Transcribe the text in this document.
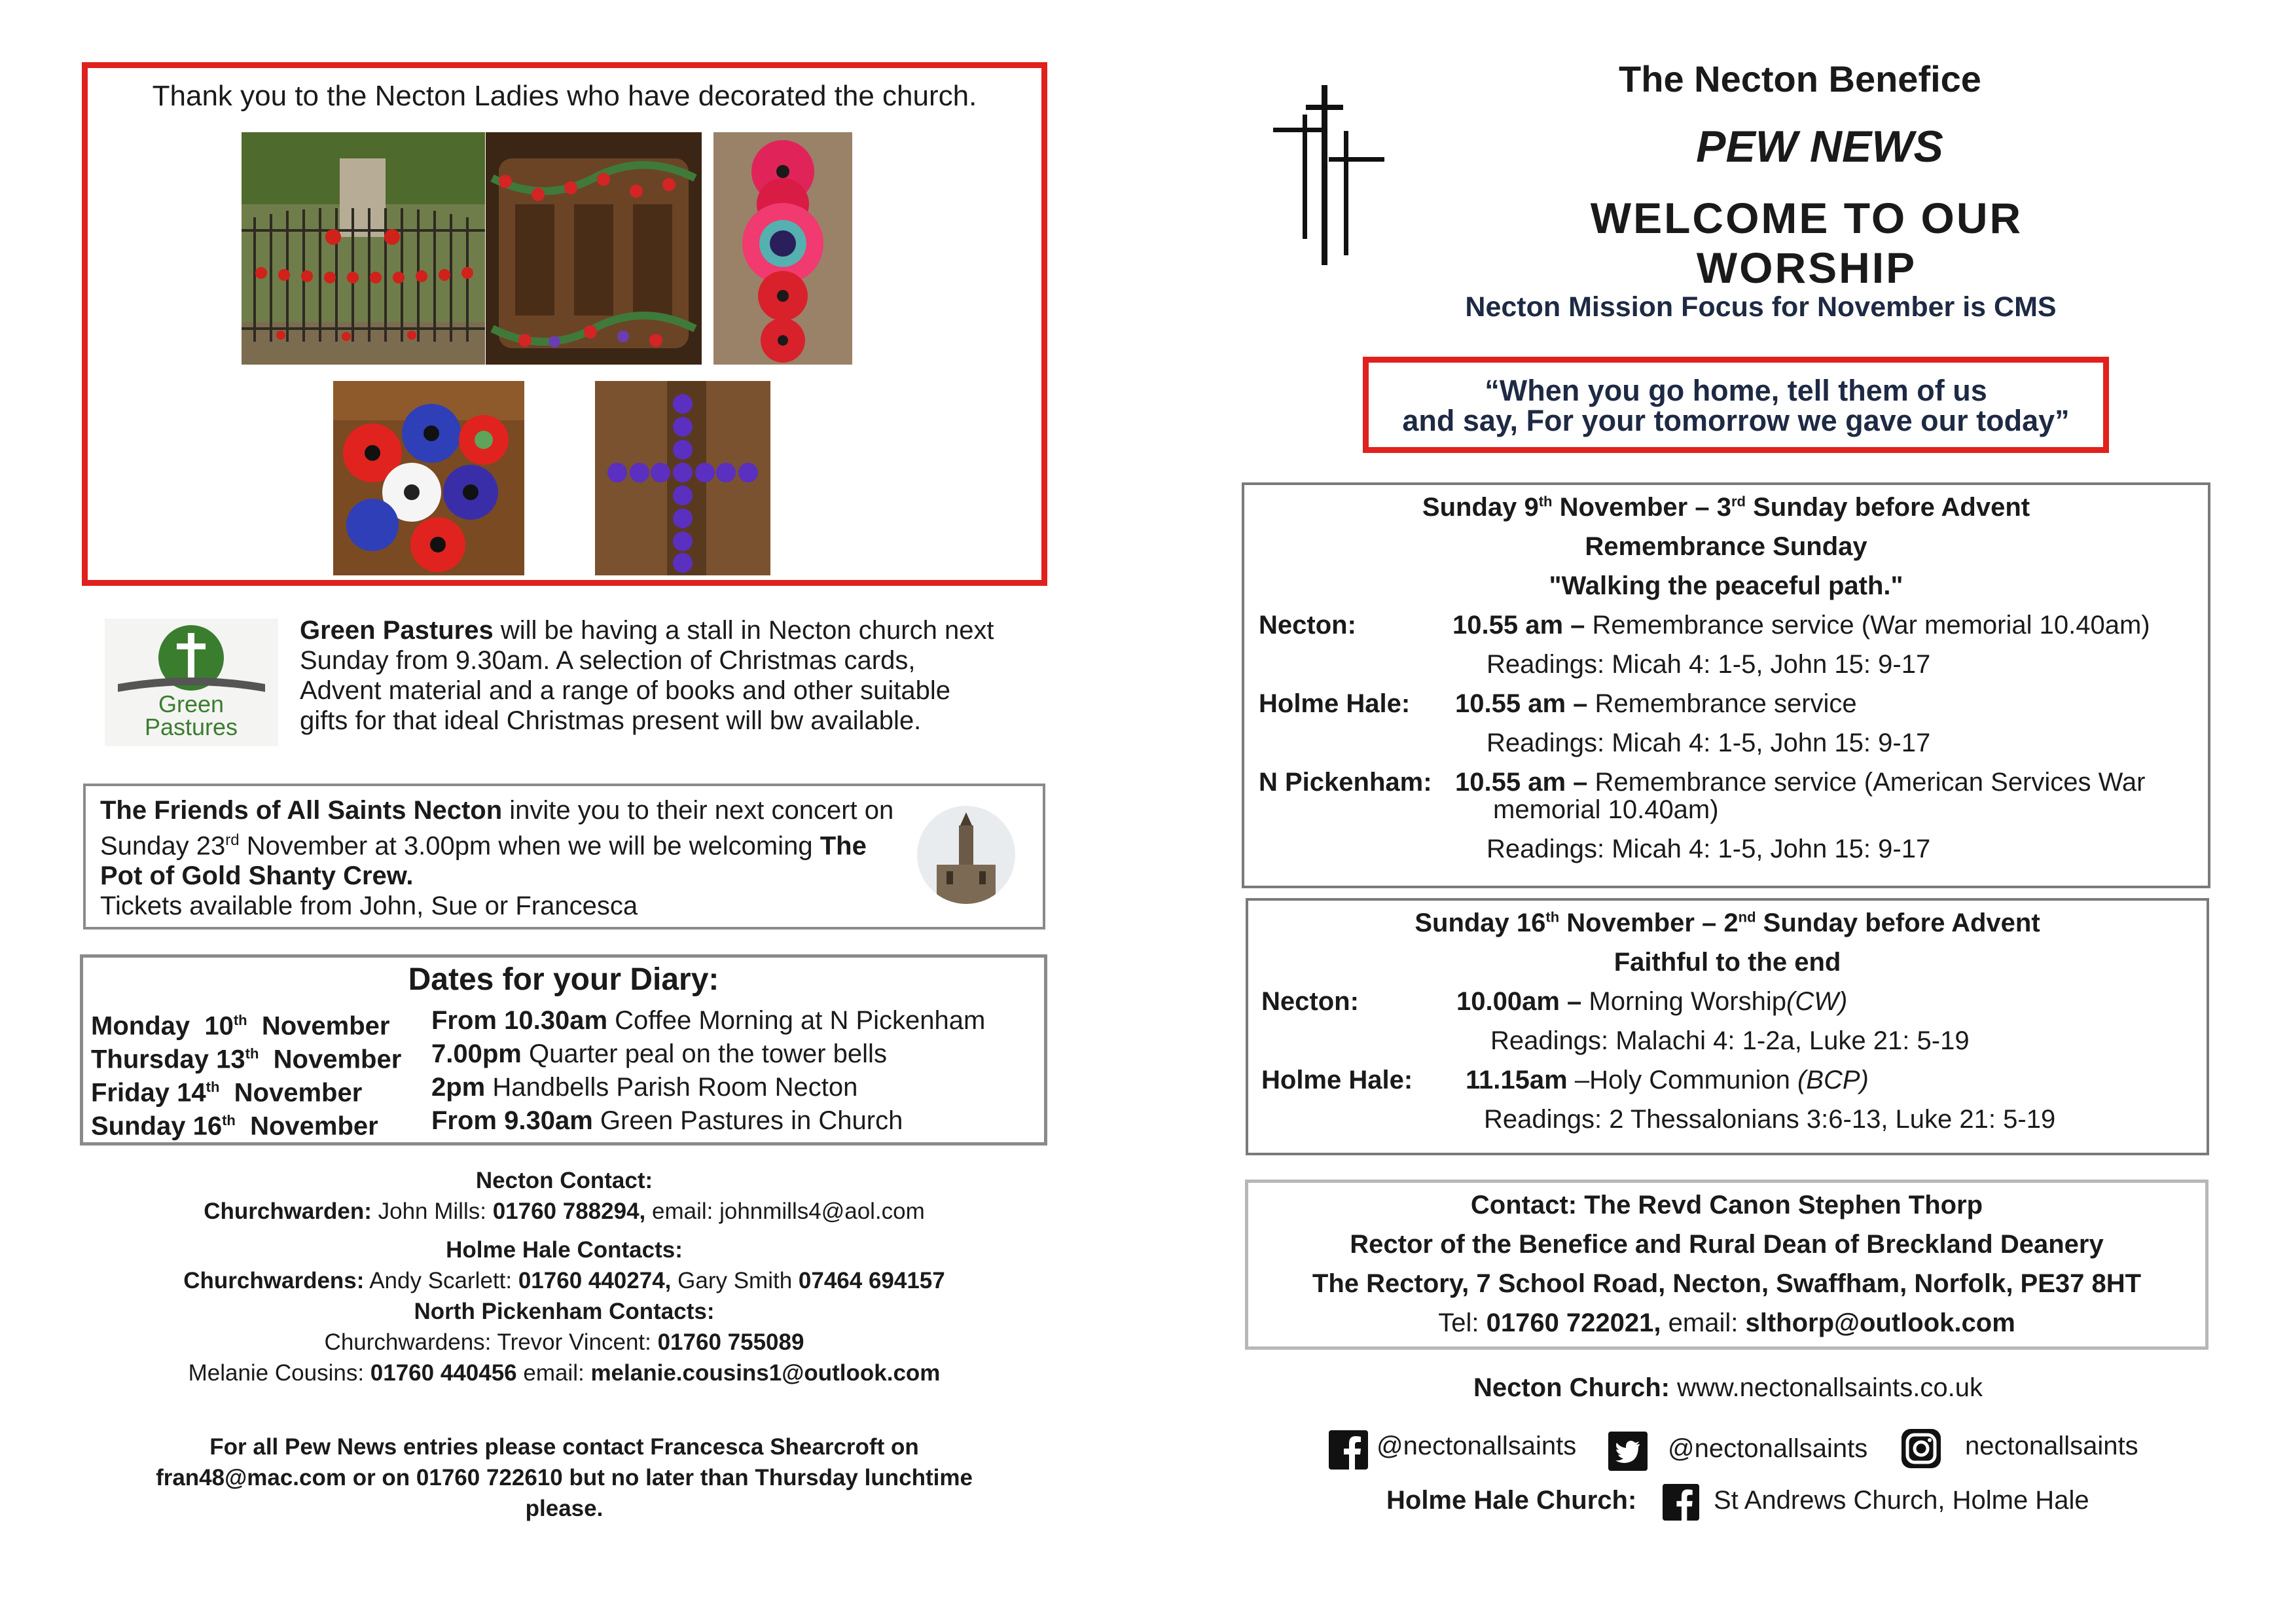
Thank you to the Necton Ladies who have decorated the church.
Green
Pastures
Green Pastures will be having a stall in Necton church next
Sunday from 9.30am. A selection of Christmas cards,
Advent material and a range of books and other suitable
gifts for that ideal Christmas present will bw available.
The Friends of All Saints Necton invite you to their next concert on
Sunday 23rd November at 3.00pm when we will be welcoming The
Pot of Gold Shanty Crew.
Tickets available from John, Sue or Francesca
Dates for your Diary:
Monday 10th November From 10.30am Coffee Morning at N Pickenham
Thursday 13th November 7.00pm Quarter peal on the tower bells
Friday 14th November	2pm Handbells Parish Room Necton
Sunday 16th November From 9.30am Green Pastures in Church
Necton Contact:
Churchwarden: John Mills: 01760 788294, email: johnmills4@aol.com
Holme Hale Contacts:
Churchwardens: Andy Scarlett: 01760 440274, Gary Smith 07464 694157
North Pickenham Contacts:
Churchwardens: Trevor Vincent: 01760 755089
Melanie Cousins: 01760 440456 email: melanie.cousins1@outlook.com
For all Pew News entries please contact Francesca Shearcroft on
fran48@mac.com or on 01760 722610 but no later than Thursday lunchtime
please.
The Necton Benefice
PEW NEWS
WELCOME TO OUR WORSHIP
Necton Mission Focus for November is CMS
“When you go home, tell them of us
and say, For your tomorrow we gave our today”
Sunday 9th November – 3rd Sunday before Advent
Remembrance Sunday
"Walking the peaceful path."
Necton:	10.55 am – Remembrance service (War memorial 10.40am)
Readings: Micah 4: 1-5, John 15: 9-17
Holme Hale: 10.55 am – Remembrance service
Readings: Micah 4: 1-5, John 15: 9-17
N Pickenham: 10.55 am – Remembrance service (American Services War
memorial 10.40am)
Readings: Micah 4: 1-5, John 15: 9-17
Sunday 16th November – 2nd Sunday before Advent
Faithful to the end
Necton:	10.00am – Morning Worship(CW)
Readings: Malachi 4: 1-2a, Luke 21: 5-19
Holme Hale: 11.15am –Holy Communion (BCP)
Readings: 2 Thessalonians 3:6-13, Luke 21: 5-19
Contact: The Revd Canon Stephen Thorp
Rector of the Benefice and Rural Dean of Breckland Deanery
The Rectory, 7 School Road, Necton, Swaffham, Norfolk, PE37 8HT
Tel: 01760 722021, email: slthorp@outlook.com
Necton Church: www.nectonallsaints.co.uk
@nectonallsaints	@nectonallsaints	nectonallsaints
Holme Hale Church:	St Andrews Church, Holme Hale
